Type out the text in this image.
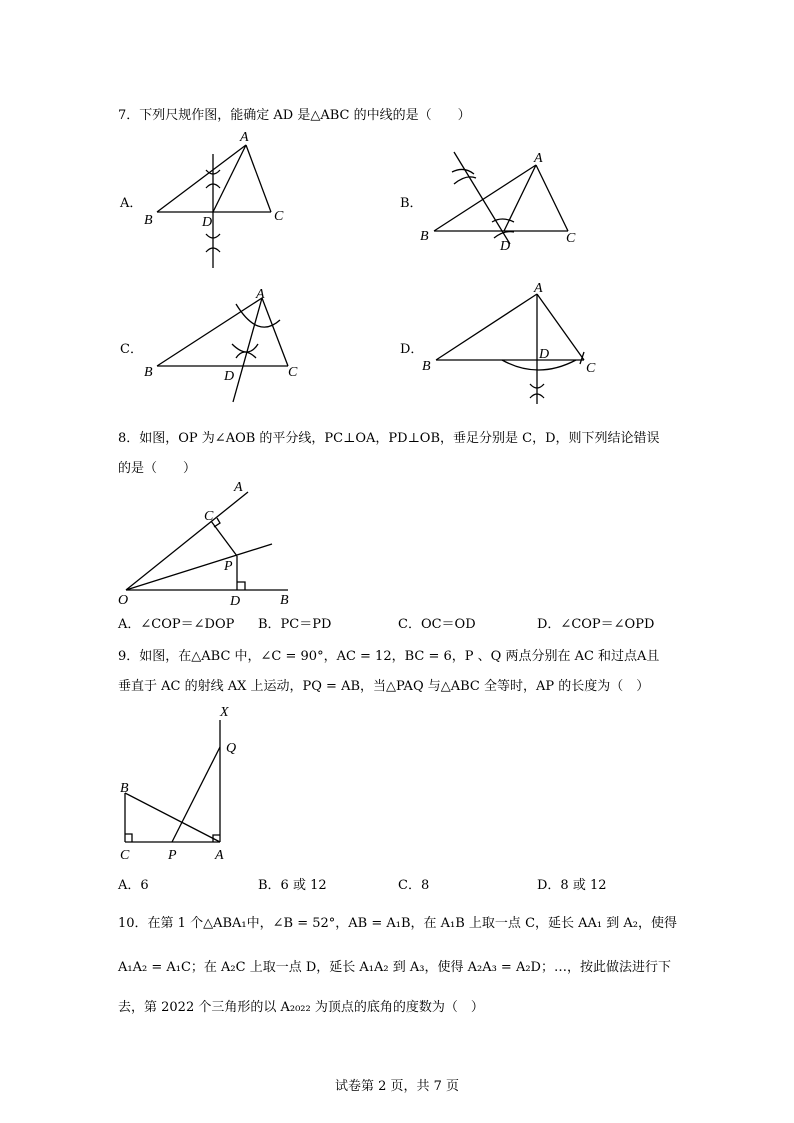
7．下列尺规作图，能确定 AD 是△ABC 的中线的是（　　）
A．
A
B	D	C
B．
A
B
D
C
C．
A
B	D	C
D．
A
B
D
C
8．如图，OP 为∠AOB 的平分线，PC⊥OA，PD⊥OB，垂足分别是 C，D，则下列结论错误
的是（　　）
A
C
P
O	D	B
A．∠COP＝∠DOP B．PC＝PD	C．OC＝OD	D．∠COP＝∠OPD
9．如图，在△ABC 中，∠C = 90°，AC = 12，BC = 6，P 、Q 两点分别在 AC 和过点A且
垂直于 AC 的射线 AX 上运动，PQ = AB，当△PAQ 与△ABC 全等时，AP 的长度为（　）
X
Q
B
C	P	A
A．6	B．6 或 12	C．8	D．8 或 12
10．在第 1 个△ABA₁中，∠B = 52°，AB = A₁B，在 A₁B 上取一点 C，延长 AA₁ 到 A₂，使得
A₁A₂ = A₁C；在 A₂C 上取一点 D，延长 A₁A₂ 到 A₃，使得 A₂A₃ = A₂D；…，按此做法进行下
去，第 2022 个三角形的以 A₂₀₂₂ 为顶点的底角的度数为（　）
试卷第 2 页，共 7 页
